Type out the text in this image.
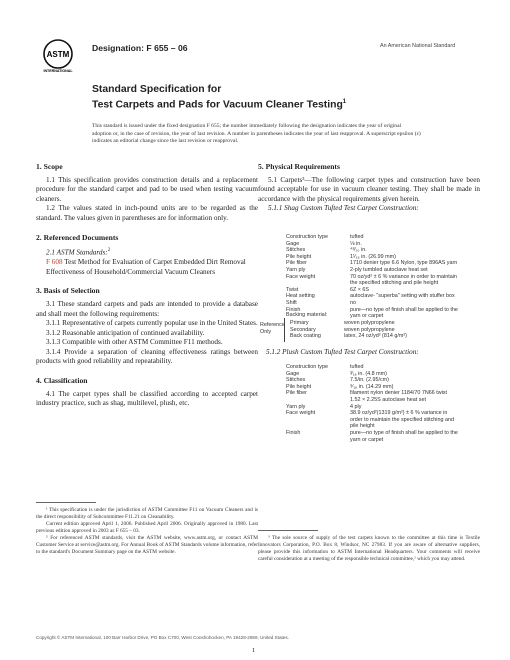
ASTM
INTERNATIONAL
Designation: F 655 – 06	An American National Standard
Standard Specification for
Test Carpets and Pads for Vacuum Cleaner Testing$^1$
This standard is issued under the fixed designation F 655; the number immediately following the designation indicates the year of original adoption or, in the case of revision, the year of last revision. A number in parentheses indicates the year of last reapproval. A superscript epsilon (ε) indicates an editorial change since the last revision or reapproval.
1. Scope
1.1 This specification provides construction details and a replacement procedure for the standard carpet and pad to be used when testing vacuum cleaners.
1.2 The values stated in inch-pound units are to be regarded as the standard. The values given in parentheses are for information only.
2. Referenced Documents
2.1 ASTM Standards:$^2$
F 608 Test Method for Evaluation of Carpet Embedded Dirt Removal Effectiveness of Household/Commercial Vacuum Cleaners
3. Basis of Selection
3.1 These standard carpets and pads are intended to provide a database and shall meet the following requirements:
3.1.1 Representative of carpets currently popular use in the United States.
3.1.2 Reasonable anticipation of continued availability.
3.1.3 Compatible with other ASTM Committee F11 methods.
3.1.4 Provide a separation of cleaning effectiveness ratings between products with good reliability and repeatability.
4. Classification
4.1 The carpet types shall be classified according to accepted carpet industry practice, such as shag, multilevel, plush, etc.
¹ This specification is under the jurisdiction of ASTM Committee F11 on Vacuum Cleaners and is the direct responsibility of Subcommittee F11.21 on Cleanability.
Current edition approved April 1, 2006. Published April 2006. Originally approved in 1980. Last previous edition approved in 2003 as F 655 – 03.
² For referenced ASTM standards, visit the ASTM website, www.astm.org, or contact ASTM Customer Service at service@astm.org. For Annual Book of ASTM Standards volume information, refer to the standard's Document Summary page on the ASTM website.
5. Physical Requirements
5.1 Carpets³—The following carpet types and construction have been found acceptable for use in vacuum cleaner testing. They shall be made in accordance with the physical requirements given herein.
5.1.1 Shag Custom Tufted Test Carpet Construction:
Construction type	tufted
Gage	⅛ in.
Stitches	⁴⁸⁄₁₀ in.
Pile height	1¹⁄₁₆ in. (26.99 mm)
Pile fiber	1710 denier type 6.6 Nylon, type 896AS yarn
Yarn ply	2-ply tumbled autoclave heat set
Face weight	70 oz/yd² ± 6 % variance in order to maintain the specified stitching and pile height
Twist	6Z × 6S
Heat setting	autoclave- "superba" setting with stuffer box
Shift	no
Finish	pure—no type of finish shall be applied to the yarn or carpet
Backing material:
Reference Only
Primary	woven polypropylene
Secondary	woven polypropylene
Back coating	latex, 24 oz/yd² (814 g/m²)
5.1.2 Plush Custom Tufted Test Carpet Construction:
Construction type	tufted
Gage	³⁄₁₆ in. (4.8 mm)
Stitches	7.5/in. (2.95/cm)
Pile height	⁹⁄₁₆ in. (14.29 mm)
Pile fiber	filament nylon denier 1184/70 7N66 twist 1.52 × 2.25S autoclave heat set
Yarn ply	4 ply
Face weight	38.9 oz/yd²(1319 g/m²) ± 6 % variance in order to maintain the specified stitching and pile height
Finish	pure—no type of finish shall be applied to the yarn or carpet
³ The sole source of supply of the test carpets known to the committee at this time is Textile Innovators Corporation, P.O. Box 8, Windsor, NC 27983. If you are aware of alternative suppliers, please provide this information to ASTM International Headquarters. Your comments will receive careful consideration at a meeting of the responsible technical committee,¹ which you may attend.
Copyright © ASTM International, 100 Barr Harbor Drive, PO Box C700, West Conshohocken, PA 19428-2959, United States.
1
